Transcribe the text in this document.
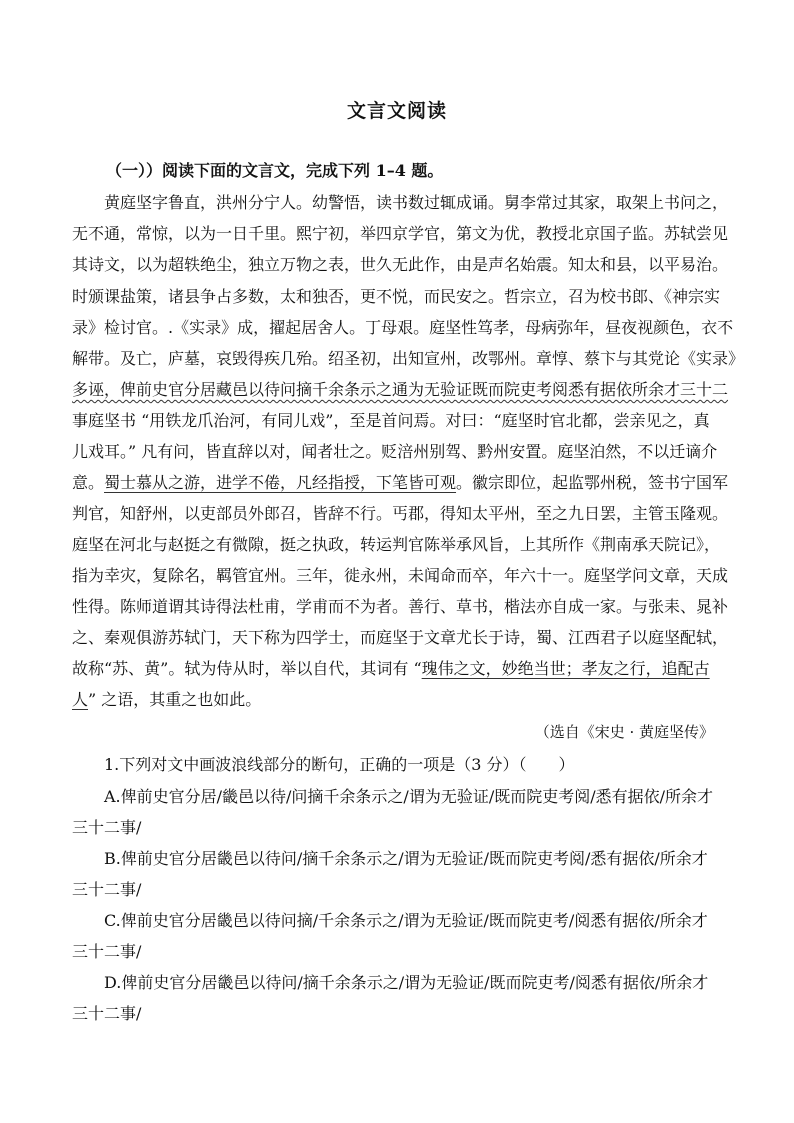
文言文阅读
（一））阅读下面的文言文，完成下列 1–4 题。
黄庭坚字鲁直，洪州分宁人。幼警悟，读书数过辄成诵。舅李常过其家，取架上书问之，
无不通，常惊，以为一日千里。熙宁初，举四京学官，第文为优，教授北京国子监。苏轼尝见
其诗文，以为超轶绝尘，独立万物之表，世久无此作，由是声名始震。知太和县，以平易治。
时颁课盐策，诸县争占多数，太和独否，更不悦，而民安之。哲宗立，召为校书郎、《神宗实
录》检讨官。.《实录》成，擢起居舍人。丁母艰。庭坚性笃孝，母病弥年，昼夜视颜色，衣不
解带。及亡，庐墓，哀毁得疾几殆。绍圣初，出知宣州，改鄂州。章惇、蔡卞与其党论《实录》
多诬，俾前史官分居藏邑以待问摘千余条示之通为无验证既而院吏考阅悉有据依所余才三十二
事庭坚书 “用铁龙爪治河，有同儿戏”，至是首问焉。对曰：“庭坚时官北都，尝亲见之，真
儿戏耳。” 凡有问，皆直辞以对，闻者壮之。贬涪州别驾、黔州安置。庭坚泊然，不以迁谪介
意。蜀士慕从之游，进学不倦，凡经指授，下笔皆可观。徽宗即位，起监鄂州税，签书宁国军
判官，知舒州，以吏部员外郎召，皆辞不行。丐郡，得知太平州，至之九日罢，主管玉隆观。
庭坚在河北与赵挺之有微隙，挺之执政，转运判官陈举承风旨，上其所作《荆南承天院记》，
指为幸灾，复除名，羁管宜州。三年，徙永州，未闻命而卒，年六十一。庭坚学问文章，天成
性得。陈师道谓其诗得法杜甫，学甫而不为者。善行、草书，楷法亦自成一家。与张耒、晁补
之、秦观俱游苏轼门，天下称为四学士，而庭坚于文章尤长于诗，蜀、江西君子以庭坚配轼，
故称“苏、黄”。轼为侍从时，举以自代，其词有 “瑰伟之文，妙绝当世；孝友之行，追配古
人” 之语，其重之也如此。
（选自《宋史 · 黄庭坚传》
1.下列对文中画波浪线部分的断句，正确的一项是（3 分）（　　）
A.俾前史官分居/畿邑以待/问摘千余条示之/谓为无验证/既而院吏考阅/悉有据依/所余才
三十二事/
B.俾前史官分居畿邑以待问/摘千余条示之/谓为无验证/既而院吏考阅/悉有据依/所余才
三十二事/
C.俾前史官分居畿邑以待问摘/千余条示之/谓为无验证/既而院吏考/阅悉有据依/所余才
三十二事/
D.俾前史官分居畿邑以待问/摘千余条示之/谓为无验证/既而院吏考/阅悉有据依/所余才
三十二事/
